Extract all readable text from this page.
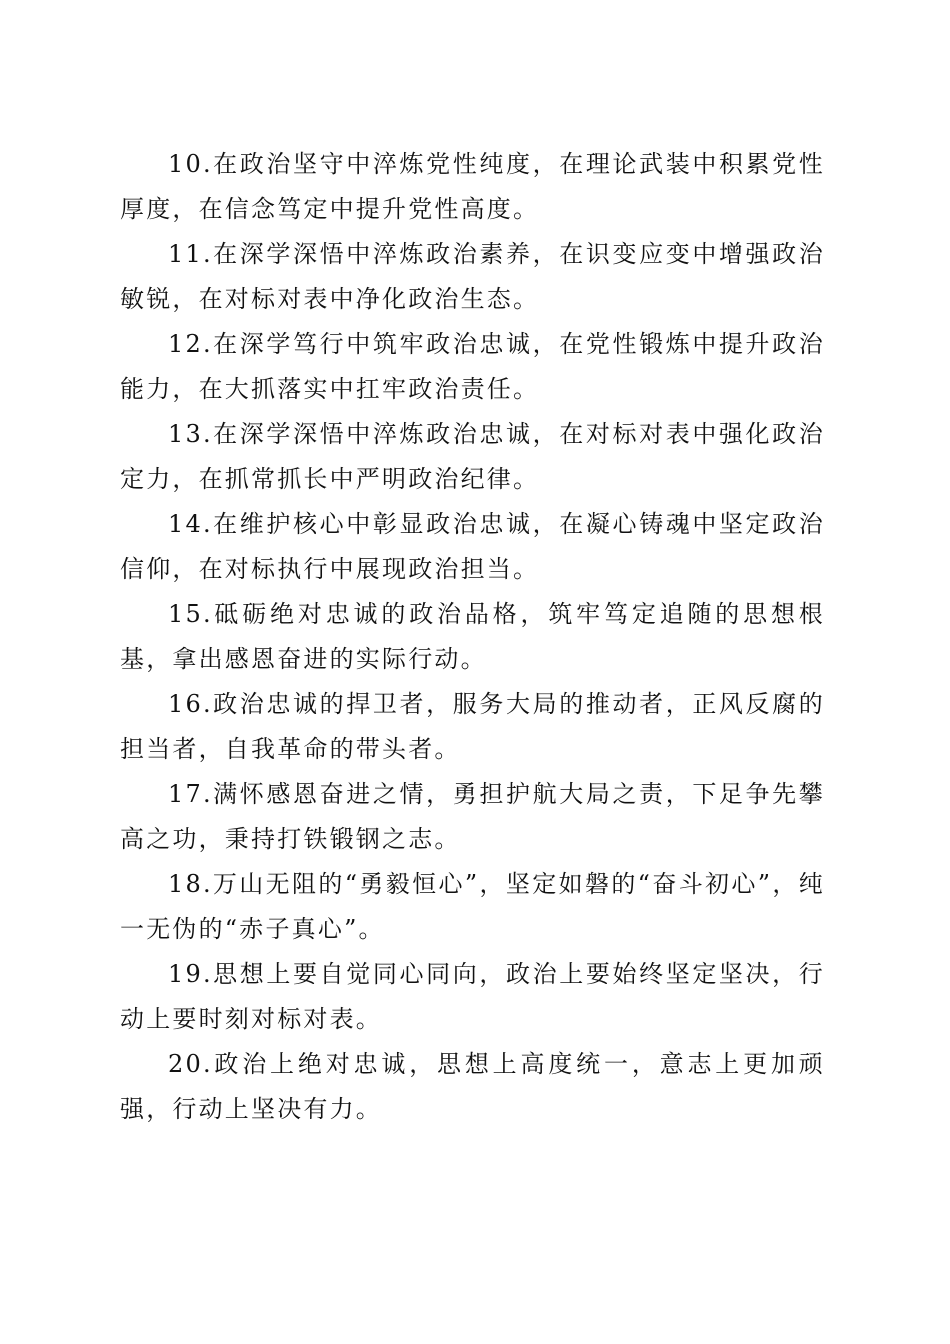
10.在政治坚守中淬炼党性纯度，在理论武装中积累党性厚度，在信念笃定中提升党性高度。

11.在深学深悟中淬炼政治素养，在识变应变中增强政治敏锐，在对标对表中净化政治生态。

12.在深学笃行中筑牢政治忠诚，在党性锻炼中提升政治能力，在大抓落实中扛牢政治责任。

13.在深学深悟中淬炼政治忠诚，在对标对表中强化政治定力，在抓常抓长中严明政治纪律。

14.在维护核心中彰显政治忠诚，在凝心铸魂中坚定政治信仰，在对标执行中展现政治担当。

15.砥砺绝对忠诚的政治品格，筑牢笃定追随的思想根基，拿出感恩奋进的实际行动。

16.政治忠诚的捍卫者，服务大局的推动者，正风反腐的担当者，自我革命的带头者。

17.满怀感恩奋进之情，勇担护航大局之责，下足争先攀高之功，秉持打铁锻钢之志。

18.万山无阻的“勇毅恒心”，坚定如磐的“奋斗初心”，纯一无伪的“赤子真心”。

19.思想上要自觉同心同向，政治上要始终坚定坚决，行动上要时刻对标对表。

20.政治上绝对忠诚，思想上高度统一，意志上更加顽强，行动上坚决有力。
